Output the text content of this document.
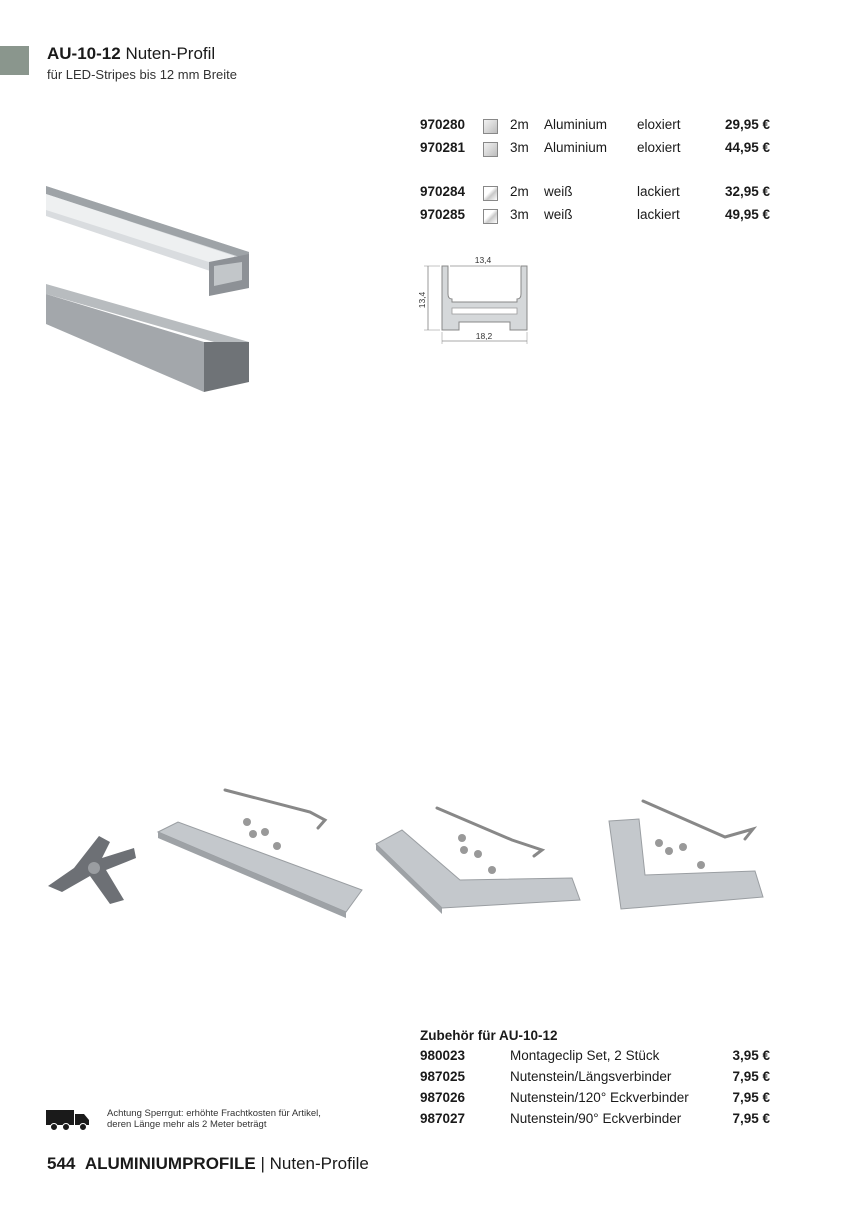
AU-10-12 Nuten-Profil
für LED-Stripes bis 12 mm Breite
970280	2m Aluminium eloxiert	29,95 €
970281	3m Aluminium eloxiert	44,95 €
970284	2m weiß	lackiert	32,95 €
970285	3m weiß	lackiert	49,95 €
13,4
13,4
18,2
Zubehör für AU-10-12
980023	Montageclip Set, 2 Stück	3,95 €
987025	Nutenstein/Längsverbinder	7,95 €
987026	Nutenstein/120° Eckverbinder	7,95 €
987027	Nutenstein/90° Eckverbinder	7,95 €
Achtung Sperrgut: erhöhte Frachtkosten für Artikel,
deren Länge mehr als 2 Meter beträgt
544 ALUMINIUMPROFILE | Nuten-Profile
